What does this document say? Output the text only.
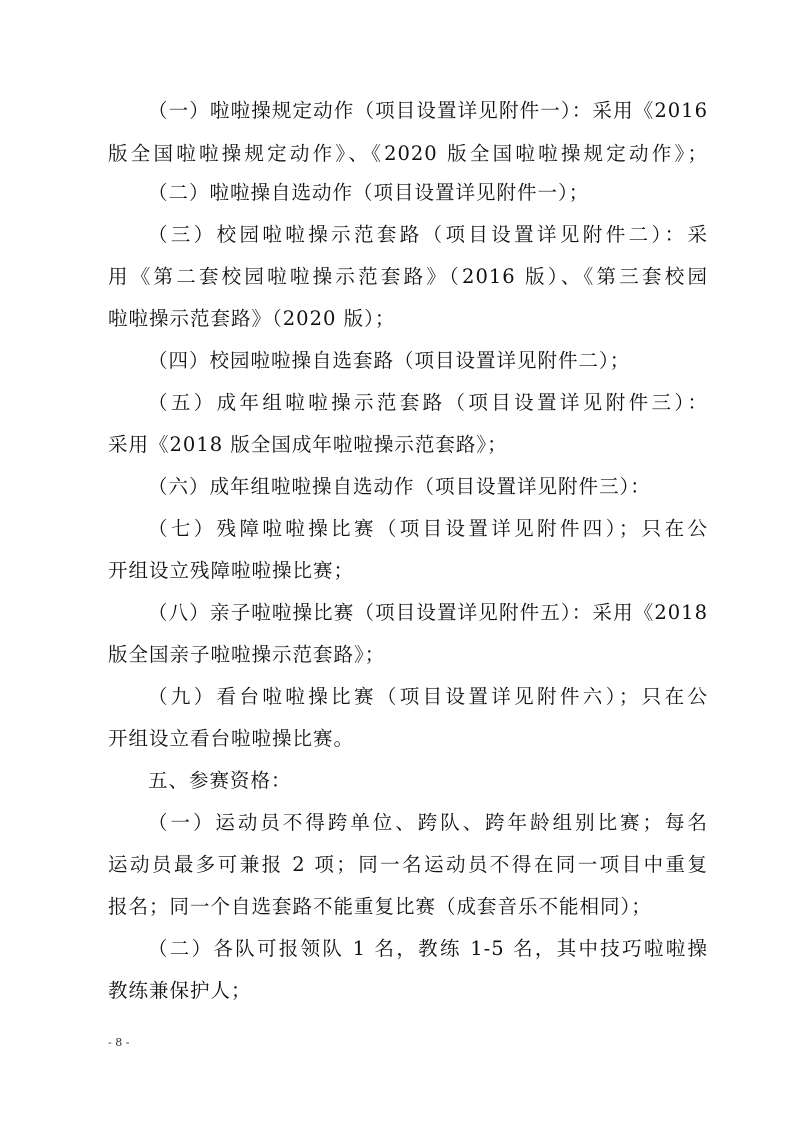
（一）啦啦操规定动作（项目设置详见附件一）：采用《2016
版全国啦啦操规定动作》、《2020 版全国啦啦操规定动作》；
（二）啦啦操自选动作（项目设置详见附件一）；
（三）校园啦啦操示范套路（项目设置详见附件二）：采
用《第二套校园啦啦操示范套路》（2016 版）、《第三套校园
啦啦操示范套路》（2020 版）；
（四）校园啦啦操自选套路（项目设置详见附件二）；
（五）成年组啦啦操示范套路（项目设置详见附件三）：
采用《2018 版全国成年啦啦操示范套路》；
（六）成年组啦啦操自选动作（项目设置详见附件三）：
（七）残障啦啦操比赛（项目设置详见附件四）；只在公
开组设立残障啦啦操比赛；
（八）亲子啦啦操比赛（项目设置详见附件五）：采用《2018
版全国亲子啦啦操示范套路》；
（九）看台啦啦操比赛（项目设置详见附件六）；只在公
开组设立看台啦啦操比赛。
五、参赛资格：
（一）运动员不得跨单位、跨队、跨年龄组别比赛；每名
运动员最多可兼报 2 项；同一名运动员不得在同一项目中重复
报名；同一个自选套路不能重复比赛（成套音乐不能相同）；
（二）各队可报领队 1 名，教练 1-5 名，其中技巧啦啦操
教练兼保护人；
- 8 -
